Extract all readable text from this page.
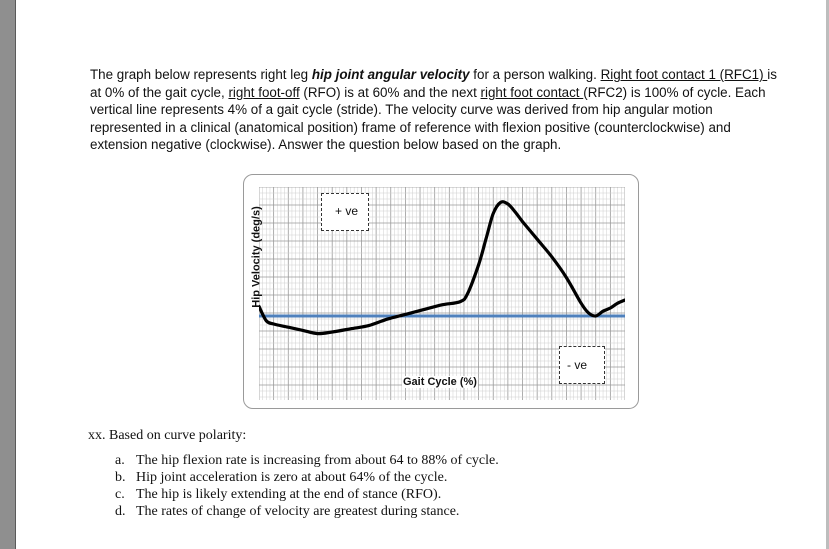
The graph below represents right leg hip joint angular velocity for a person walking. Right foot contact 1 (RFC1) is at 0% of the gait cycle, right foot-off (RFO) is at 60% and the next right foot contact (RFC2) is 100% of cycle. Each vertical line represents 4% of a gait cycle (stride). The velocity curve was derived from hip angular motion represented in a clinical (anatomical position) frame of reference with flexion positive (counterclockwise) and extension negative (clockwise). Answer the question below based on the graph.
Hip Velocity (deg/s)
Gait Cycle (%)
+ ve
- ve
xx. Based on curve polarity:
a. The hip flexion rate is increasing from about 64 to 88% of cycle.
b. Hip joint acceleration is zero at about 64% of the cycle.
c. The hip is likely extending at the end of stance (RFO).
d. The rates of change of velocity are greatest during stance.
